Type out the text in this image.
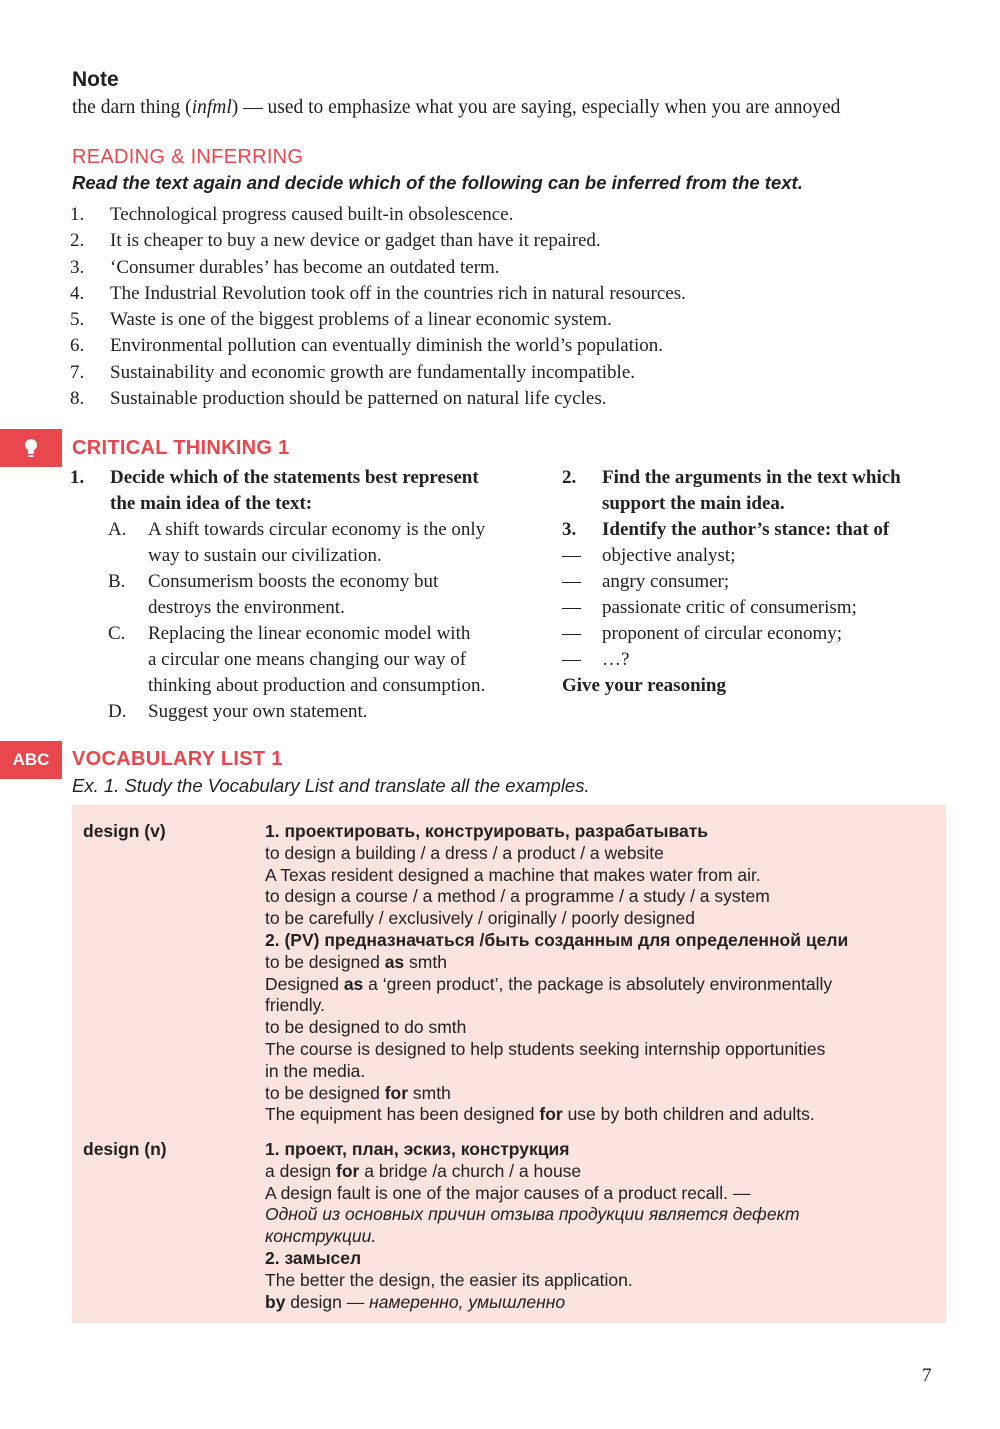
Note
the darn thing (infml) — used to emphasize what you are saying, especially when you are annoyed
READING & INFERRING
Read the text again and decide which of the following can be inferred from the text.
1.	Technological progress caused built-in obsolescence.
2.	It is cheaper to buy a new device or gadget than have it repaired.
3.	‘Consumer durables’ has become an outdated term.
4.	The Industrial Revolution took off in the countries rich in natural resources.
5.	Waste is one of the biggest problems of a linear economic system.
6.	Environmental pollution can eventually diminish the world’s population.
7.	Sustainability and economic growth are fundamentally incompatible.
8.	Sustainable production should be patterned on natural life cycles.
CRITICAL THINKING 1
1.	Decide which of the statements best represent
the main idea of the text:
A.	A shift towards circular economy is the only
way to sustain our civilization.
B.	Consumerism boosts the economy but
destroys the environment.
C.	Replacing the linear economic model with
a circular one means changing our way of
thinking about production and consumption.
D.	Suggest your own statement.
2.	Find the arguments in the text which
support the main idea.
3.	Identify the author’s stance: that of
—	objective analyst;
—	angry consumer;
—	passionate critic of consumerism;
—	proponent of circular economy;
—	…?
Give your reasoning
ABC	VOCABULARY LIST 1
Ex. 1. Study the Vocabulary List and translate all the examples.
design (v)	1. проектировать, конструировать, разрабатывать
to design a building / a dress / a product / a website
A Texas resident designed a machine that makes water from air.
to design a course / a method / a programme / a study / a system
to be carefully / exclusively / originally / poorly designed
2. (PV) предназначаться /быть созданным для определенной цели
to be designed as smth
Designed as a ‘green product’, the package is absolutely environmentally
friendly.
to be designed to do smth
The course is designed to help students seeking internship opportunities
in the media.
to be designed for smth
The equipment has been designed for use by both children and adults.
design (n)	1. проект, план, эскиз, конструкция
a design for a bridge /a church / a house
A design fault is one of the major causes of a product recall. —
Одной из основных причин отзыва продукции является дефект
конструкции.
2. замысел
The better the design, the easier its application.
by design — намеренно, умышленно
7
